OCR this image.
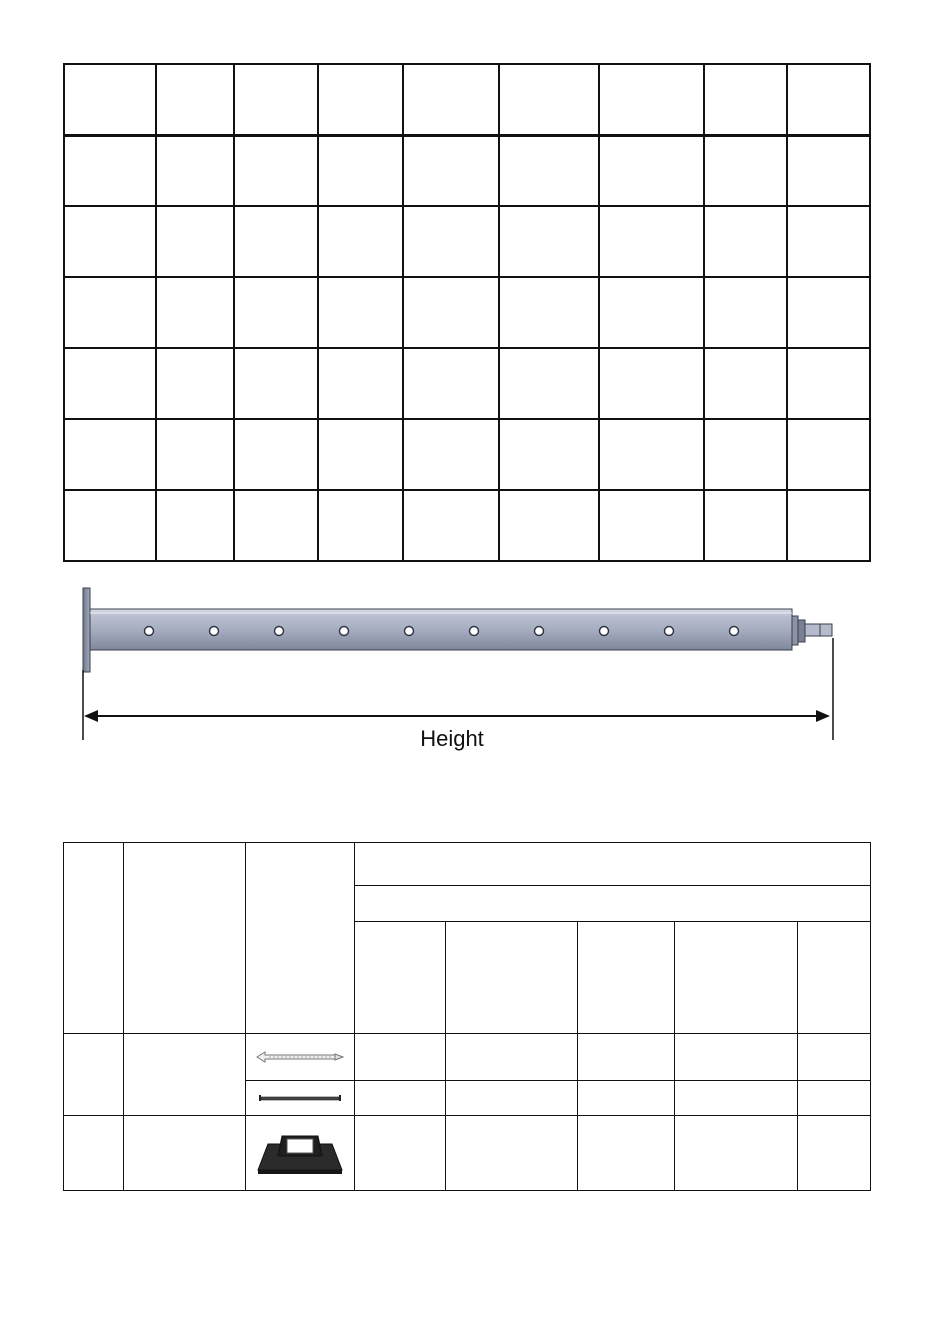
Height
